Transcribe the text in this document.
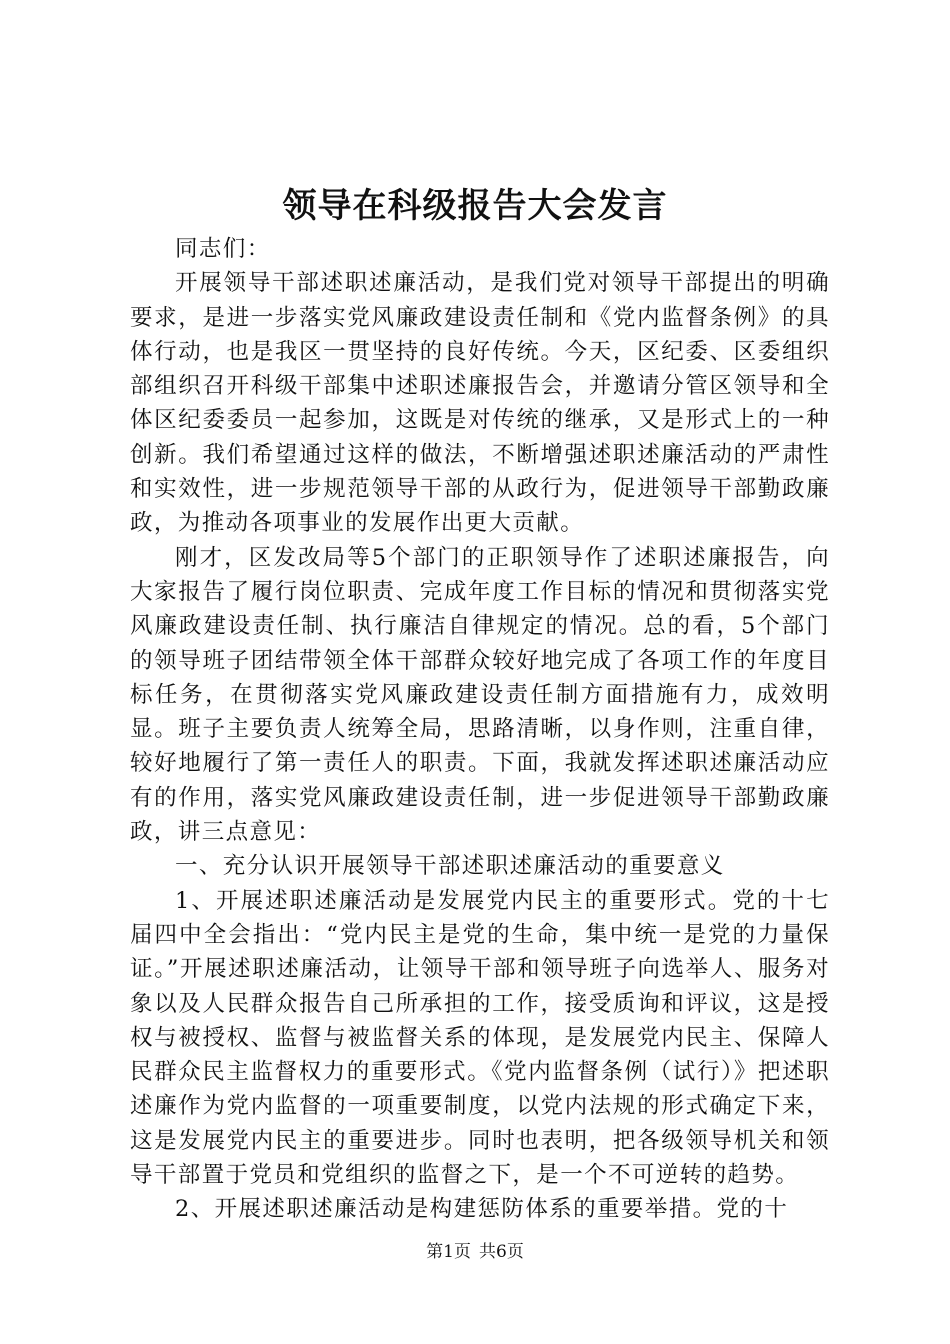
领导在科级报告大会发言

同志们：

开展领导干部述职述廉活动，是我们党对领导干部提出的明确要求，是进一步落实党风廉政建设责任制和《党内监督条例》的具体行动，也是我区一贯坚持的良好传统。今天，区纪委、区委组织部组织召开科级干部集中述职述廉报告会，并邀请分管区领导和全体区纪委委员一起参加，这既是对传统的继承，又是形式上的一种创新。我们希望通过这样的做法，不断增强述职述廉活动的严肃性和实效性，进一步规范领导干部的从政行为，促进领导干部勤政廉政，为推动各项事业的发展作出更大贡献。

刚才，区发改局等5个部门的正职领导作了述职述廉报告，向大家报告了履行岗位职责、完成年度工作目标的情况和贯彻落实党风廉政建设责任制、执行廉洁自律规定的情况。总的看，5个部门的领导班子团结带领全体干部群众较好地完成了各项工作的年度目标任务，在贯彻落实党风廉政建设责任制方面措施有力，成效明显。班子主要负责人统筹全局，思路清晰，以身作则，注重自律，较好地履行了第一责任人的职责。下面，我就发挥述职述廉活动应有的作用，落实党风廉政建设责任制，进一步促进领导干部勤政廉政，讲三点意见：

一、充分认识开展领导干部述职述廉活动的重要意义

1、开展述职述廉活动是发展党内民主的重要形式。党的十七届四中全会指出：“党内民主是党的生命，集中统一是党的力量保证。”开展述职述廉活动，让领导干部和领导班子向选举人、服务对象以及人民群众报告自己所承担的工作，接受质询和评议，这是授权与被授权、监督与被监督关系的体现，是发展党内民主、保障人民群众民主监督权力的重要形式。《党内监督条例（试行）》把述职述廉作为党内监督的一项重要制度，以党内法规的形式确定下来，这是发展党内民主的重要进步。同时也表明，把各级领导机关和领导干部置于党员和党组织的监督之下，是一个不可逆转的趋势。

2、开展述职述廉活动是构建惩防体系的重要举措。党的十

第1页 共6页
